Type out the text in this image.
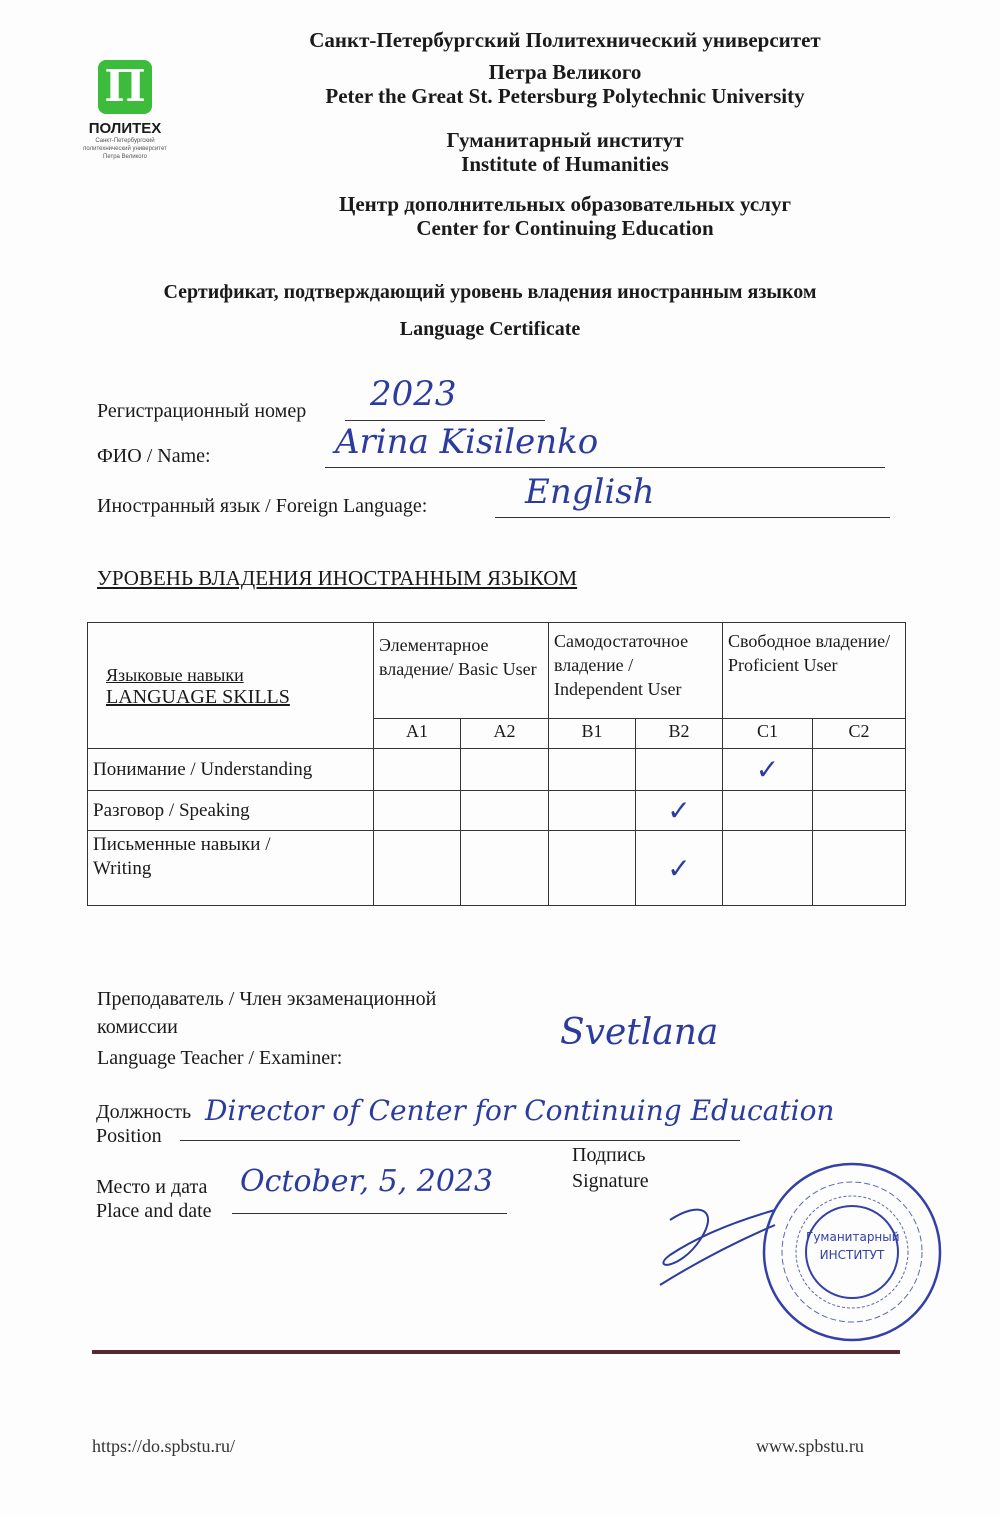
П
ПОЛИТЕХ
Санкт-Петербургский политехнический университет Петра Великого
Санкт-Петербургский Политехнический университет
Петра Великого
Peter the Great St. Petersburg Polytechnic University
Гуманитарный институт
Institute of Humanities
Центр дополнительных образовательных услуг
Center for Continuing Education
Сертификат, подтверждающий уровень владения иностранным языком
Language Certificate
Регистрационный номер 2023
ФИО / Name:	Arina Kisilenko
Иностранный язык / Foreign Language:	English
УРОВЕНЬ ВЛАДЕНИЯ ИНОСТРАННЫМ ЯЗЫКОМ
Языковые навыки
LANGUAGE SKILLS	Элементарное владение/ Basic User		Самодостаточное владение / Independent User		Свободное владение/ Proficient User	
	A1	A2	B1	B2	C1	C2
Понимание / Understanding					✓	
Разговор / Speaking				✓		
Письменные навыки / Writing				✓		
Преподаватель / Член экзаменационной комиссии
Language Teacher / Examiner:
Svetlana
Должность
Position
Director of Center for Continuing Education
Место и дата
Place and date
October, 5, 2023
Подпись
Signature
Гуманитарный
ИНСТИТУТ
https://do.spbstu.ru/	www.spbstu.ru
